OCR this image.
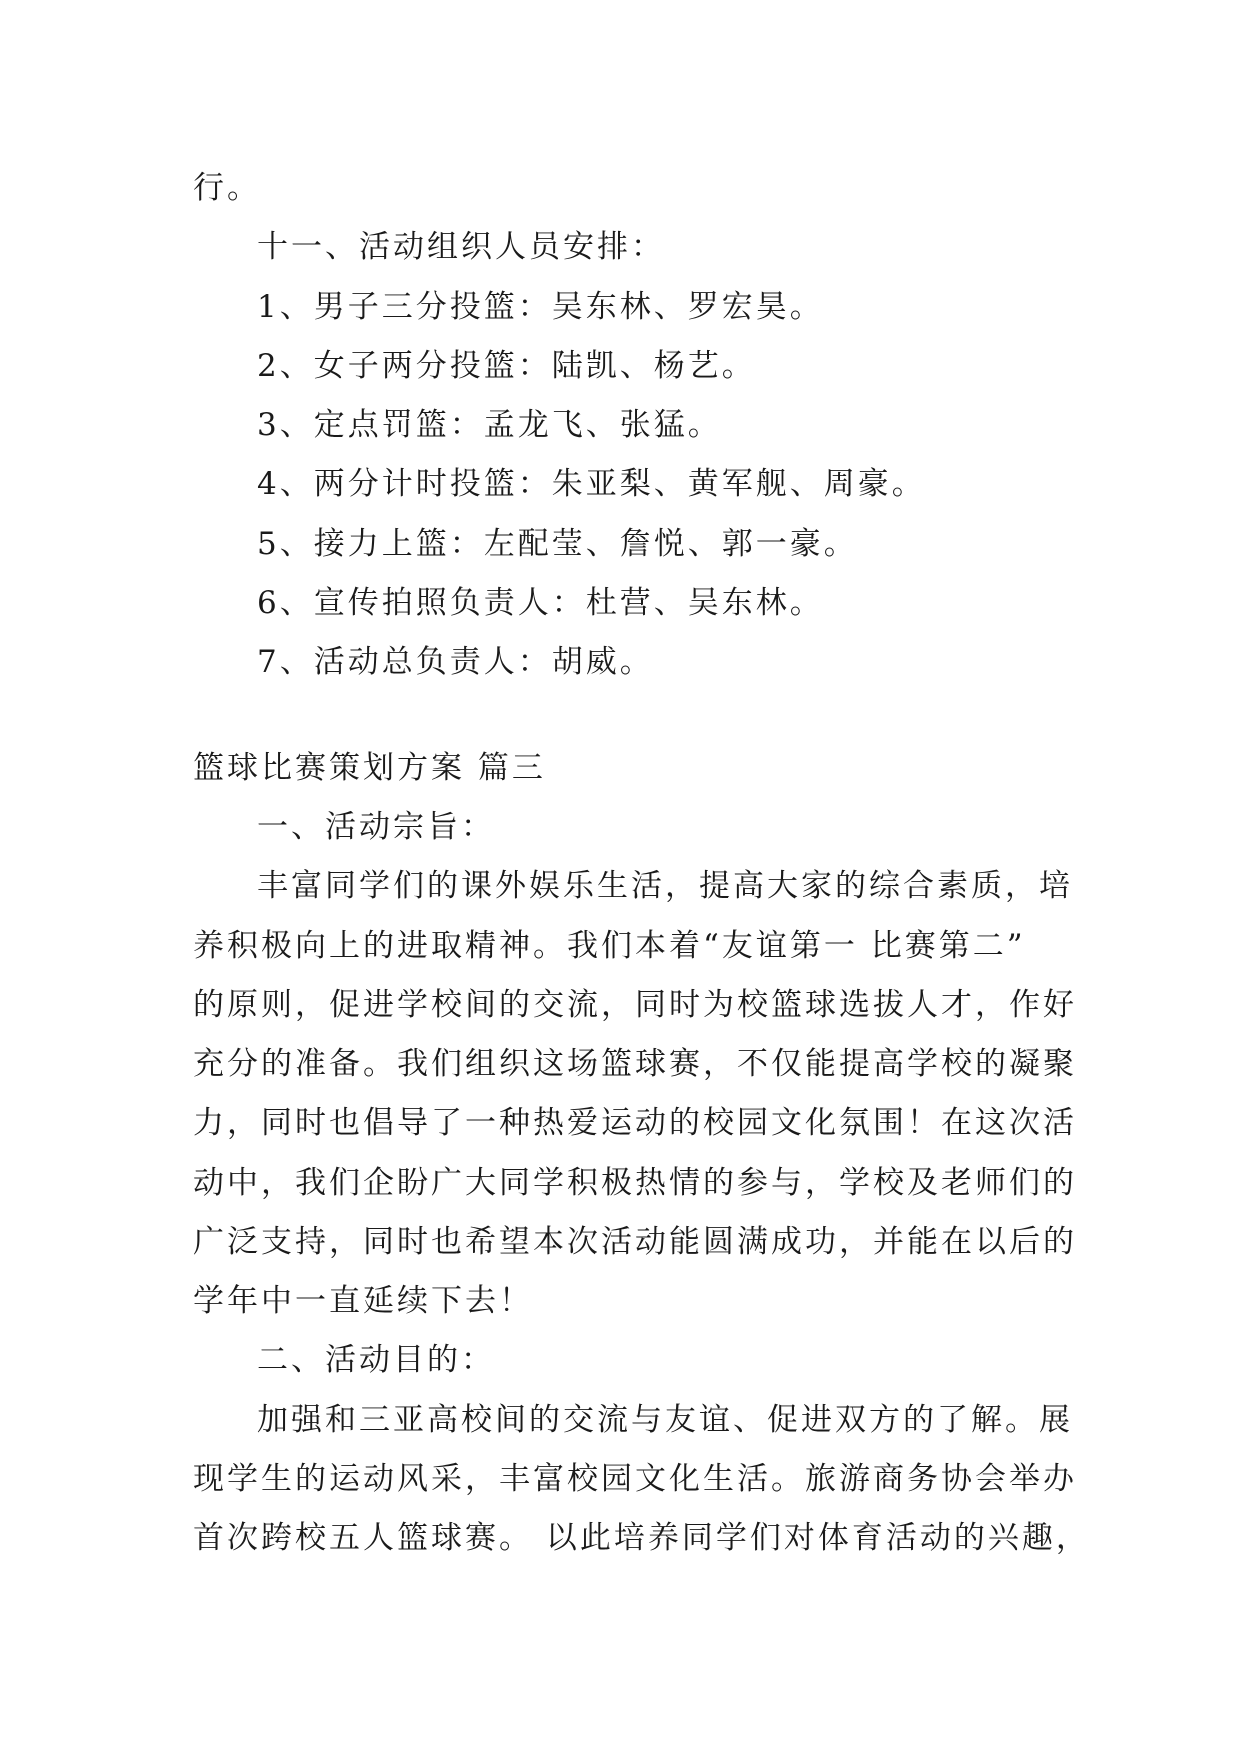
行。
十一、活动组织人员安排：
1、男子三分投篮：吴东林、罗宏昊。
2、女子两分投篮：陆凯、杨艺。
3、定点罚篮：孟龙飞、张猛。
4、两分计时投篮：朱亚梨、黄军舰、周豪。
5、接力上篮：左配莹、詹悦、郭一豪。
6、宣传拍照负责人：杜营、吴东林。
7、活动总负责人：胡威。
篮球比赛策划方案 篇三
一、活动宗旨：
丰富同学们的课外娱乐生活，提高大家的综合素质，培
养积极向上的进取精神。我们本着“友谊第一 比赛第二”
的原则，促进学校间的交流，同时为校篮球选拔人才，作好
充分的准备。我们组织这场篮球赛，不仅能提高学校的凝聚
力，同时也倡导了一种热爱运动的校园文化氛围！在这次活
动中，我们企盼广大同学积极热情的参与，学校及老师们的
广泛支持，同时也希望本次活动能圆满成功，并能在以后的
学年中一直延续下去！
二、活动目的：
加强和三亚高校间的交流与友谊、促进双方的了解。展
现学生的运动风采，丰富校园文化生活。旅游商务协会举办
首次跨校五人篮球赛。 以此培养同学们对体育活动的兴趣，
